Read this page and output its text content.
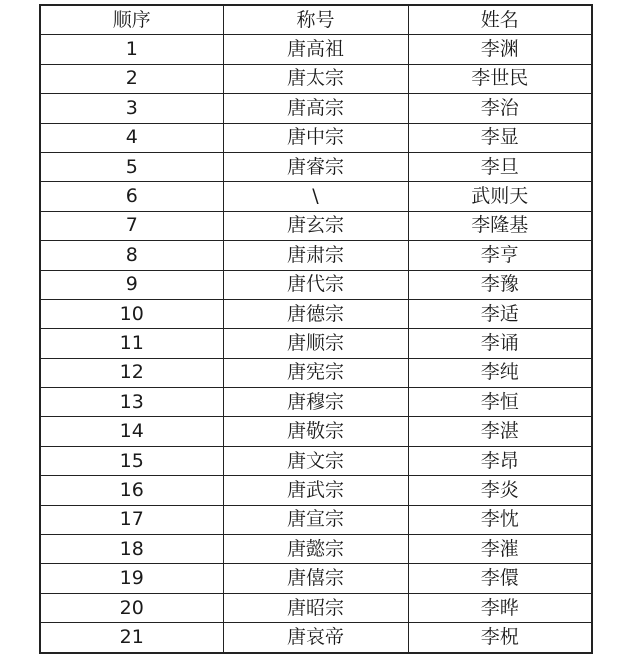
顺序	称号	姓名
1	唐高祖	李渊
2	唐太宗	李世民
3	唐高宗	李治
4	唐中宗	李显
5	唐睿宗	李旦
6	\	武则天
7	唐玄宗	李隆基
8	唐肃宗	李亨
9	唐代宗	李豫
10	唐德宗	李适
11	唐顺宗	李诵
12	唐宪宗	李纯
13	唐穆宗	李恒
14	唐敬宗	李湛
15	唐文宗	李昂
16	唐武宗	李炎
17	唐宣宗	李忱
18	唐懿宗	李漼
19	唐僖宗	李儇
20	唐昭宗	李晔
21	唐哀帝	李柷
